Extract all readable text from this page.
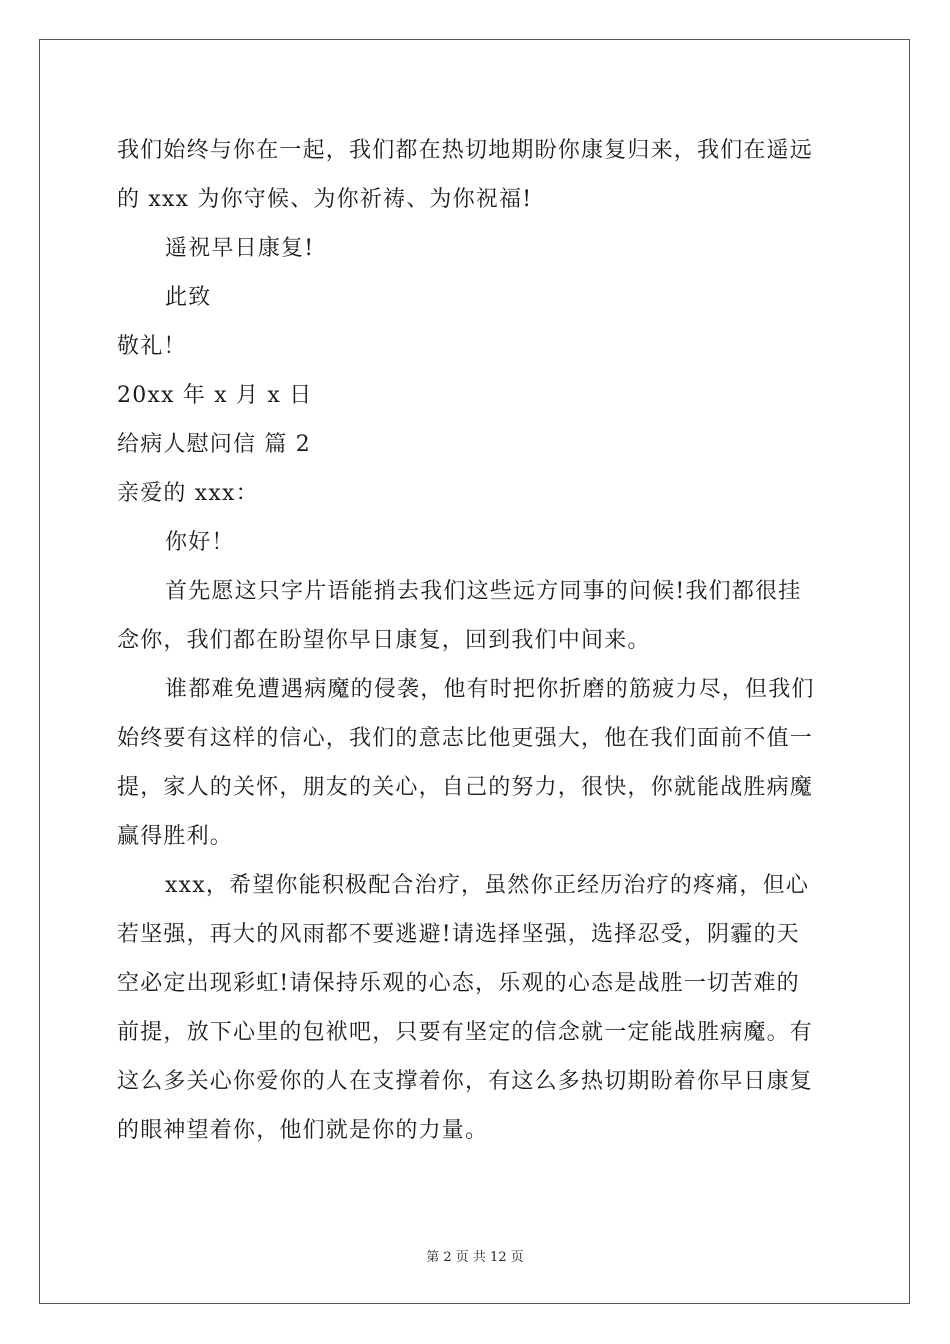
我们始终与你在一起，我们都在热切地期盼你康复归来，我们在遥远
的 xxx 为你守候、为你祈祷、为你祝福!
遥祝早日康复!
此致
敬礼！
20xx 年 x 月 x 日
给病人慰问信 篇 2
亲爱的 xxx：
你好！
首先愿这只字片语能捎去我们这些远方同事的问候!我们都很挂
念你，我们都在盼望你早日康复，回到我们中间来。
谁都难免遭遇病魔的侵袭，他有时把你折磨的筋疲力尽，但我们
始终要有这样的信心，我们的意志比他更强大，他在我们面前不值一
提，家人的关怀，朋友的关心，自己的努力，很快，你就能战胜病魔
赢得胜利。
xxx，希望你能积极配合治疗，虽然你正经历治疗的疼痛，但心
若坚强，再大的风雨都不要逃避!请选择坚强，选择忍受，阴霾的天
空必定出现彩虹!请保持乐观的心态，乐观的心态是战胜一切苦难的
前提，放下心里的包袱吧，只要有坚定的信念就一定能战胜病魔。有
这么多关心你爱你的人在支撑着你，有这么多热切期盼着你早日康复
的眼神望着你，他们就是你的力量。
第 2 页 共 12 页
